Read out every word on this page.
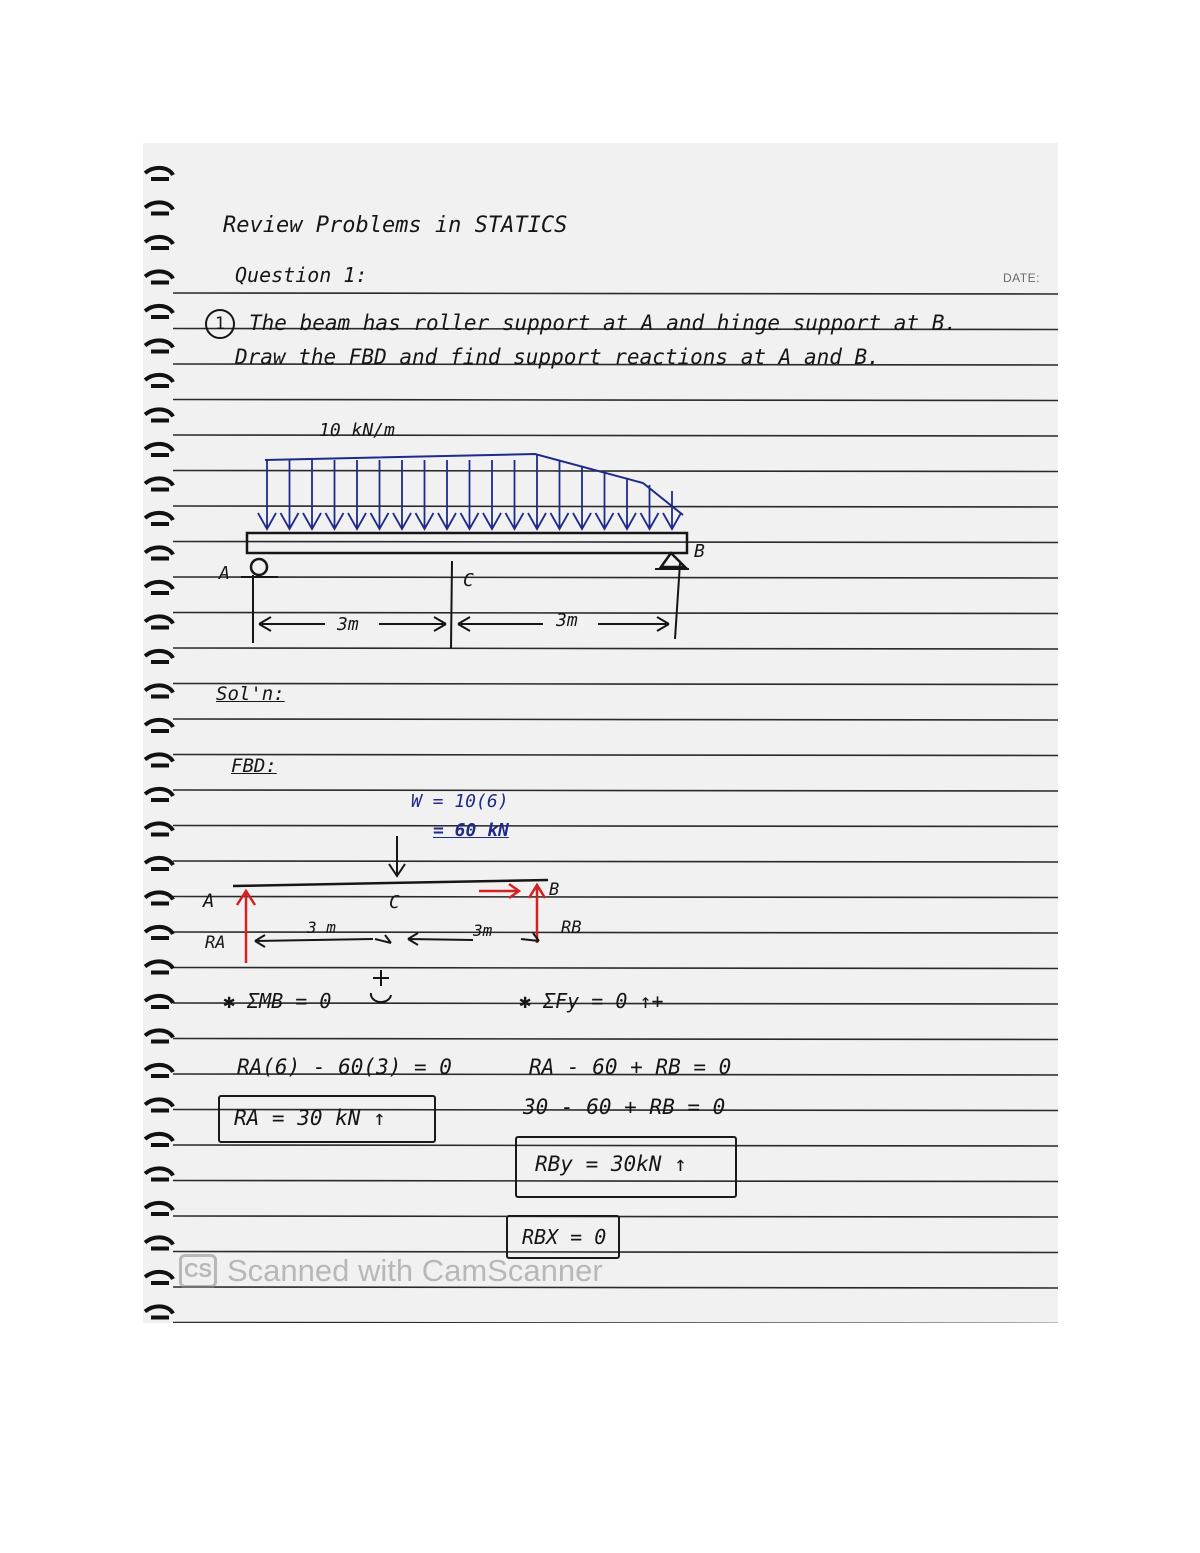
Review Problems in STATICS
Question 1:	DATE:
1	The beam has roller support at A and hinge support at B.
Draw the FBD and find support reactions at A and B.
10 kN/m
A
B
C
3m	3m
Sol'n:
FBD:
W = 10(6)
= 60 kN
A	B
C
RA
RB
3 m	3m
✱ ΣMB = 0
RA(6) - 60(3) = 0
RA = 30 kN ↑
✱ ΣFy = 0 ↑+
RA - 60 + RB = 0
30 - 60 + RB = 0
RBy = 30kN ↑
RBX = 0
CS Scanned with CamScanner
